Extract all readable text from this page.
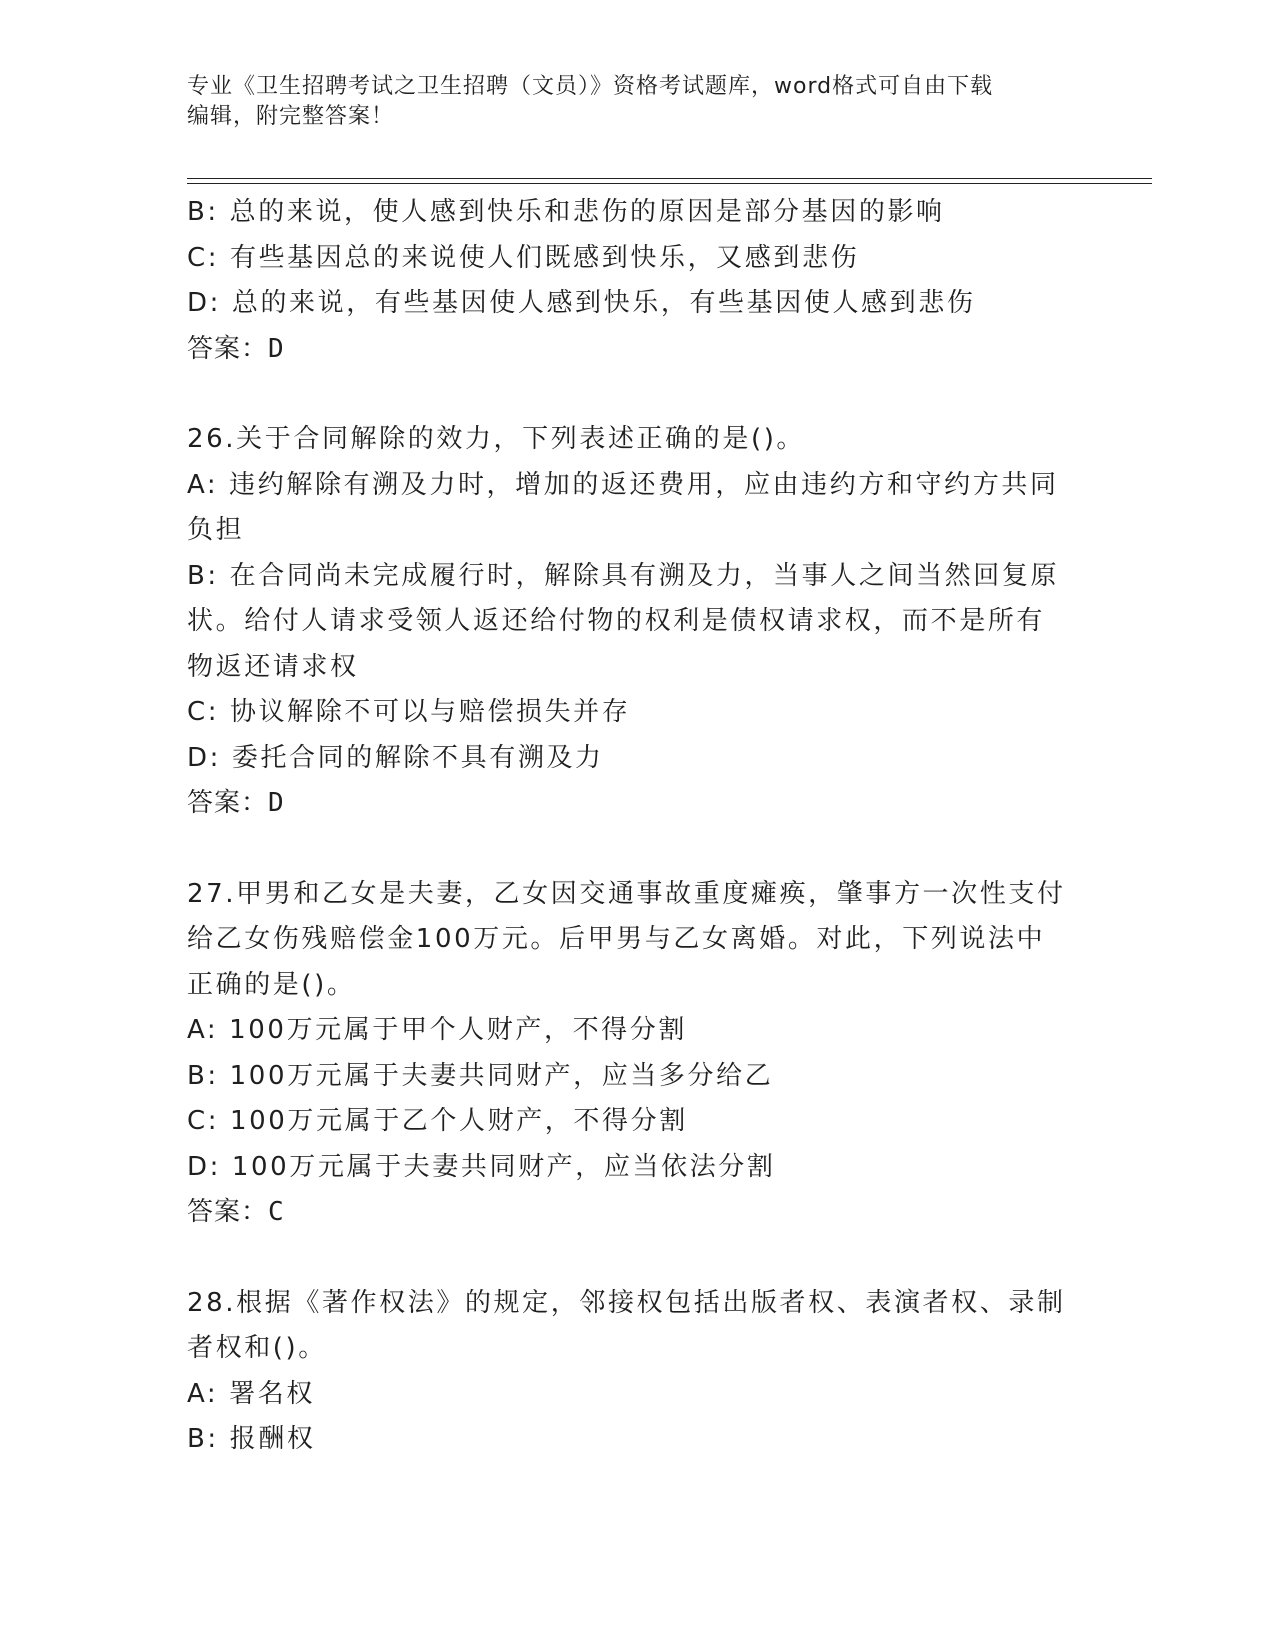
专业《卫生招聘考试之卫生招聘（文员）》资格考试题库，word格式可自由下载
编辑，附完整答案！
B: 总的来说，使人感到快乐和悲伤的原因是部分基因的影响
C: 有些基因总的来说使人们既感到快乐，又感到悲伤
D: 总的来说，有些基因使人感到快乐，有些基因使人感到悲伤
答案：D
26.关于合同解除的效力，下列表述正确的是()。
A: 违约解除有溯及力时，增加的返还费用，应由违约方和守约方共同
负担
B: 在合同尚未完成履行时，解除具有溯及力，当事人之间当然回复原
状。给付人请求受领人返还给付物的权利是债权请求权，而不是所有
物返还请求权
C: 协议解除不可以与赔偿损失并存
D: 委托合同的解除不具有溯及力
答案：D
27.甲男和乙女是夫妻，乙女因交通事故重度瘫痪，肇事方一次性支付
给乙女伤残赔偿金100万元。后甲男与乙女离婚。对此，下列说法中
正确的是()。
A: 100万元属于甲个人财产，不得分割
B: 100万元属于夫妻共同财产，应当多分给乙
C: 100万元属于乙个人财产，不得分割
D: 100万元属于夫妻共同财产，应当依法分割
答案：C
28.根据《著作权法》的规定，邻接权包括出版者权、表演者权、录制
者权和()。
A: 署名权
B: 报酬权
